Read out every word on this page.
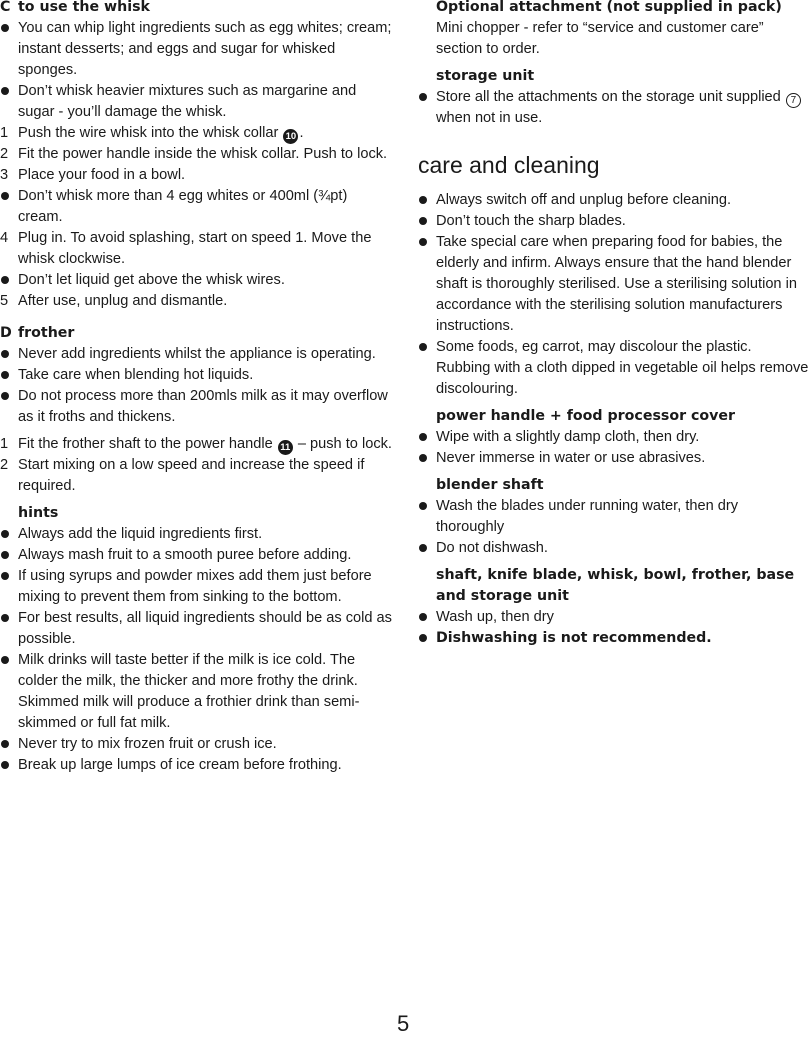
C to use the whisk
You can whip light ingredients such as egg whites; cream; instant desserts; and eggs and sugar for whisked sponges.
Don’t whisk heavier mixtures such as margarine and sugar - you’ll damage the whisk.
1 Push the wire whisk into the whisk collar 10 .
2 Fit the power handle inside the whisk collar. Push to lock.
3 Place your food in a bowl.
Don’t whisk more than 4 egg whites or 400ml (¾pt) cream.
4 Plug in. To avoid splashing, start on speed 1. Move the whisk clockwise.
Don’t let liquid get above the whisk wires.
5 After use, unplug and dismantle.
D frother
Never add ingredients whilst the appliance is operating.
Take care when blending hot liquids.
Do not process more than 200mls milk as it may overflow as it froths and thickens.
1 Fit the frother shaft to the power handle 11 – push to lock.
2 Start mixing on a low speed and increase the speed if required.
hints
Always add the liquid ingredients first.
Always mash fruit to a smooth puree before adding.
If using syrups and powder mixes add them just before mixing to prevent them from sinking to the bottom.
For best results, all liquid ingredients should be as cold as possible.
Milk drinks will taste better if the milk is ice cold. The colder the milk, the thicker and more frothy the drink. Skimmed milk will produce a frothier drink than semi-skimmed or full fat milk.
Never try to mix frozen fruit or crush ice.
Break up large lumps of ice cream before frothing.
Optional attachment (not supplied in pack)
Mini chopper - refer to “service and customer care” section to order.
storage unit
Store all the attachments on the storage unit supplied 7 when not in use.
care and cleaning
Always switch off and unplug before cleaning.
Don’t touch the sharp blades.
Take special care when preparing food for babies, the elderly and infirm. Always ensure that the hand blender shaft is thoroughly sterilised. Use a sterilising solution in accordance with the sterilising solution manufacturers instructions.
Some foods, eg carrot, may discolour the plastic. Rubbing with a cloth dipped in vegetable oil helps remove discolouring.
power handle + food processor cover
Wipe with a slightly damp cloth, then dry.
Never immerse in water or use abrasives.
blender shaft
Wash the blades under running water, then dry thoroughly
Do not dishwash.
shaft, knife blade, whisk, bowl, frother, base and storage unit
Wash up, then dry
Dishwashing is not recommended.
5
